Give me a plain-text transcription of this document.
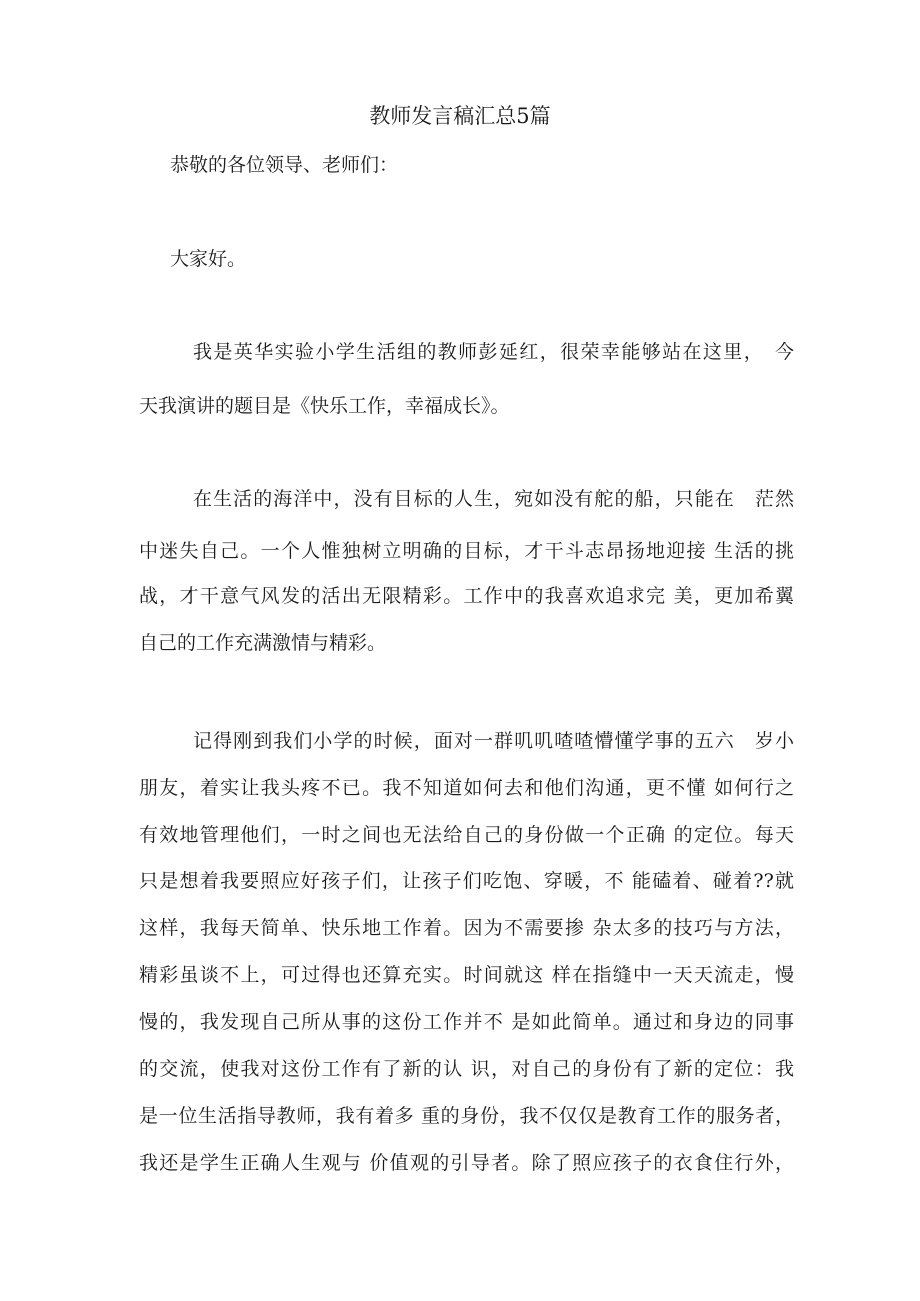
教师发言稿汇总5篇
恭敬的各位领导、老师们：
大家好。
我是英华实验小学生活组的教师彭延红，很荣幸能够站在这里，　今
天我演讲的题目是《快乐工作，幸福成长》。
在生活的海洋中，没有目标的人生，宛如没有舵的船，只能在　茫然
中迷失自己。一个人惟独树立明确的目标，才干斗志昂扬地迎接 生活的挑
战，才干意气风发的活出无限精彩。工作中的我喜欢追求完 美，更加希翼
自己的工作充满激情与精彩。
记得刚到我们小学的时候，面对一群叽叽喳喳懵懂学事的五六　岁小
朋友，着实让我头疼不已。我不知道如何去和他们沟通，更不懂 如何行之
有效地管理他们，一时之间也无法给自己的身份做一个正确 的定位。每天
只是想着我要照应好孩子们，让孩子们吃饱、穿暖，不 能磕着、碰着??就
这样，我每天简单、快乐地工作着。因为不需要掺 杂太多的技巧与方法，
精彩虽谈不上，可过得也还算充实。时间就这 样在指缝中一天天流走，慢
慢的，我发现自己所从事的这份工作并不 是如此简单。通过和身边的同事
的交流，使我对这份工作有了新的认 识，对自己的身份有了新的定位：我
是一位生活指导教师，我有着多 重的身份，我不仅仅是教育工作的服务者，
我还是学生正确人生观与 价值观的引导者。除了照应孩子的衣食住行外，
